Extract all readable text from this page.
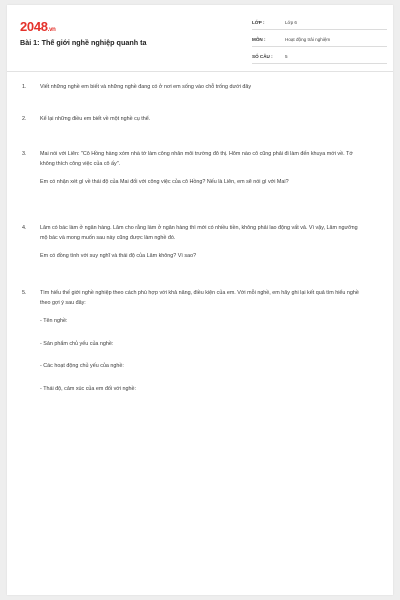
2048.vn
Bài 1: Thế giới nghề nghiệp quanh ta
LỚP :	Lớp 6
MÔN :	Hoạt động trải nghiệm
SỐ CÂU :	5
1.	Viết những nghề em biết và những nghề đang có ở nơi em sống vào chỗ trống dưới đây

2.	Kể lại những điều em biết về một nghề cụ thể.

3.	Mai nói với Liên: "Cô Hồng hàng xóm nhà tớ làm công nhân môi trường đô thị. Hôm nào cô cũng phải đi làm đến khuya mới về. Tớ không thích công việc của cô ấy".

Em có nhận xét gì về thái độ của Mai đối với công việc của cô Hồng? Nếu là Liên, em sẽ nói gì với Mai?

4.	Lâm có bác làm ở ngân hàng. Lâm cho rằng làm ở ngân hàng thì mới có nhiều tiền, không phải lao động vất vả. Vì vậy, Lâm ngưỡng mộ bác và mong muốn sau này cũng được làm nghề đó.

Em có đồng tình với suy nghĩ và thái độ của Lâm không? Vì sao?

5.	Tìm hiểu thế giới nghề nghiệp theo cách phù hợp với khả năng, điều kiện của em. Với mỗi nghề, em hãy ghi lại kết quả tìm hiểu nghề theo gợi ý sau đây:

- Tên nghề:

- Sản phẩm chủ yếu của nghề:

- Các hoạt động chủ yếu của nghề:

- Thái độ, cảm xúc của em đối với nghề:
